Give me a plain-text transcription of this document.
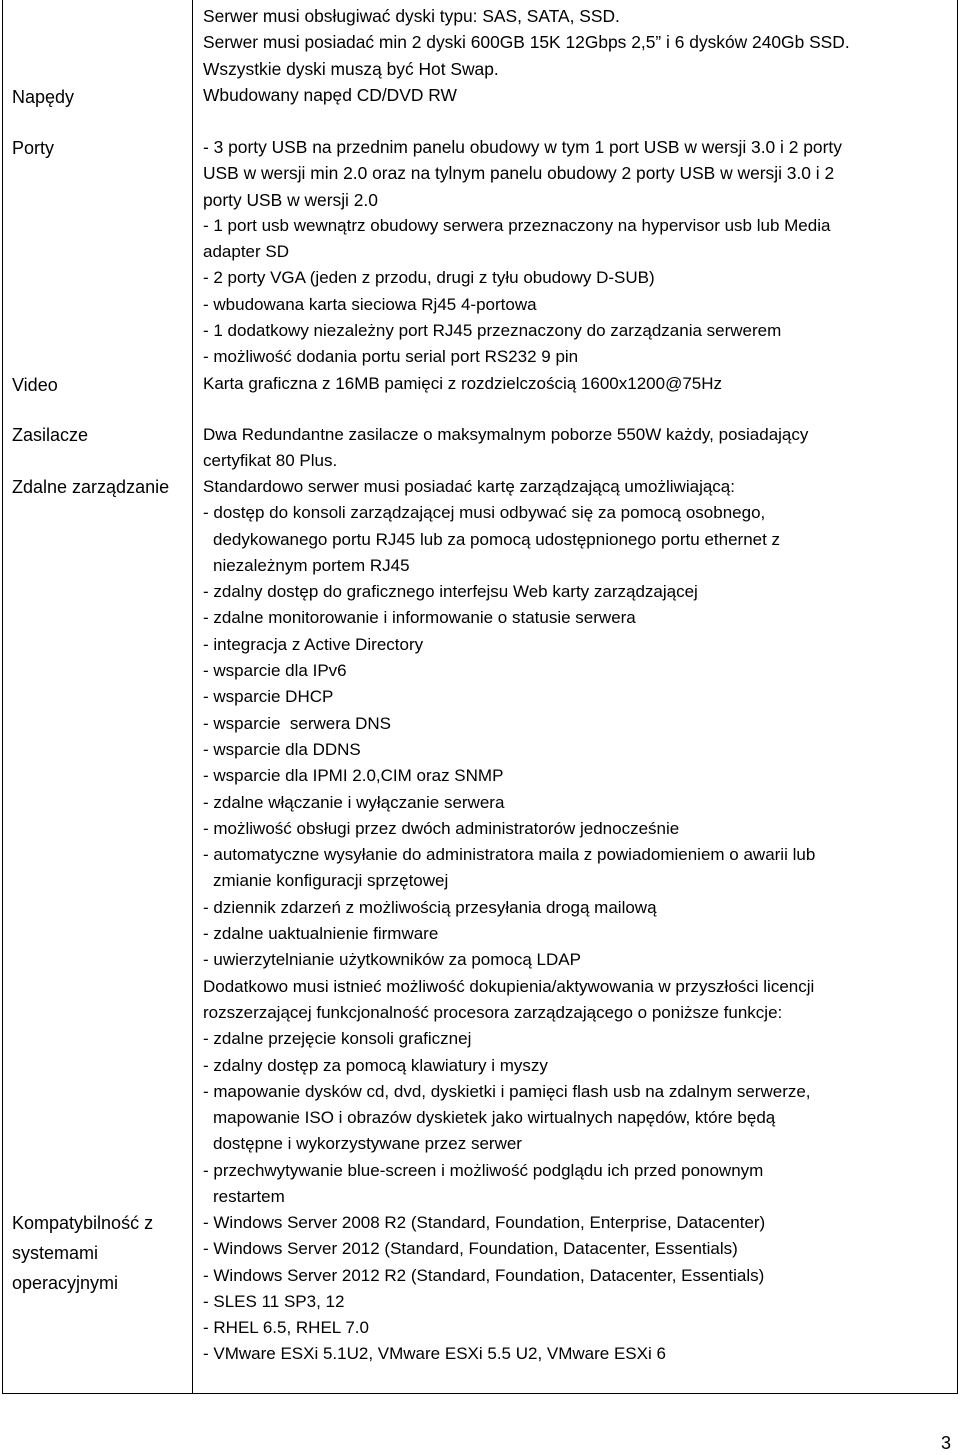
Napędy
Porty
Video
Zasilacze
Zdalne zarządzanie
Kompatybilność z
systemami
operacyjnymi
Serwer musi obsługiwać dyski typu: SAS, SATA, SSD.
Serwer musi posiadać min 2 dyski 600GB 15K 12Gbps 2,5” i 6 dysków 240Gb SSD.
Wszystkie dyski muszą być Hot Swap.
Wbudowany napęd CD/DVD RW
- 3 porty USB na przednim panelu obudowy w tym 1 port USB w wersji 3.0 i 2 porty
USB w wersji min 2.0 oraz na tylnym panelu obudowy 2 porty USB w wersji 3.0 i 2
porty USB w wersji 2.0
- 1 port usb wewnątrz obudowy serwera przeznaczony na hypervisor usb lub Media
adapter SD
- 2 porty VGA (jeden z przodu, drugi z tyłu obudowy D-SUB)
- wbudowana karta sieciowa Rj45 4-portowa
- 1 dodatkowy niezależny port RJ45 przeznaczony do zarządzania serwerem
- możliwość dodania portu serial port RS232 9 pin
Karta graficzna z 16MB pamięci z rozdzielczością 1600x1200@75Hz
Dwa Redundantne zasilacze o maksymalnym poborze 550W każdy, posiadający
certyfikat 80 Plus.
Standardowo serwer musi posiadać kartę zarządzającą umożliwiającą:
- dostęp do konsoli zarządzającej musi odbywać się za pomocą osobnego,
dedykowanego portu RJ45 lub za pomocą udostępnionego portu ethernet z
niezależnym portem RJ45
- zdalny dostęp do graficznego interfejsu Web karty zarządzającej
- zdalne monitorowanie i informowanie o statusie serwera
- integracja z Active Directory
- wsparcie dla IPv6
- wsparcie DHCP
- wsparcie  serwera DNS
- wsparcie dla DDNS
- wsparcie dla IPMI 2.0,CIM oraz SNMP
- zdalne włączanie i wyłączanie serwera
- możliwość obsługi przez dwóch administratorów jednocześnie
- automatyczne wysyłanie do administratora maila z powiadomieniem o awarii lub
zmianie konfiguracji sprzętowej
- dziennik zdarzeń z możliwością przesyłania drogą mailową
- zdalne uaktualnienie firmware
- uwierzytelnianie użytkowników za pomocą LDAP
Dodatkowo musi istnieć możliwość dokupienia/aktywowania w przyszłości licencji
rozszerzającej funkcjonalność procesora zarządzającego o poniższe funkcje:
- zdalne przejęcie konsoli graficznej
- zdalny dostęp za pomocą klawiatury i myszy
- mapowanie dysków cd, dvd, dyskietki i pamięci flash usb na zdalnym serwerze,
mapowanie ISO i obrazów dyskietek jako wirtualnych napędów, które będą
dostępne i wykorzystywane przez serwer
- przechwytywanie blue-screen i możliwość podglądu ich przed ponownym
restartem
- Windows Server 2008 R2 (Standard, Foundation, Enterprise, Datacenter)
- Windows Server 2012 (Standard, Foundation, Datacenter, Essentials)
- Windows Server 2012 R2 (Standard, Foundation, Datacenter, Essentials)
- SLES 11 SP3, 12
- RHEL 6.5, RHEL 7.0
- VMware ESXi 5.1U2, VMware ESXi 5.5 U2, VMware ESXi 6
3
